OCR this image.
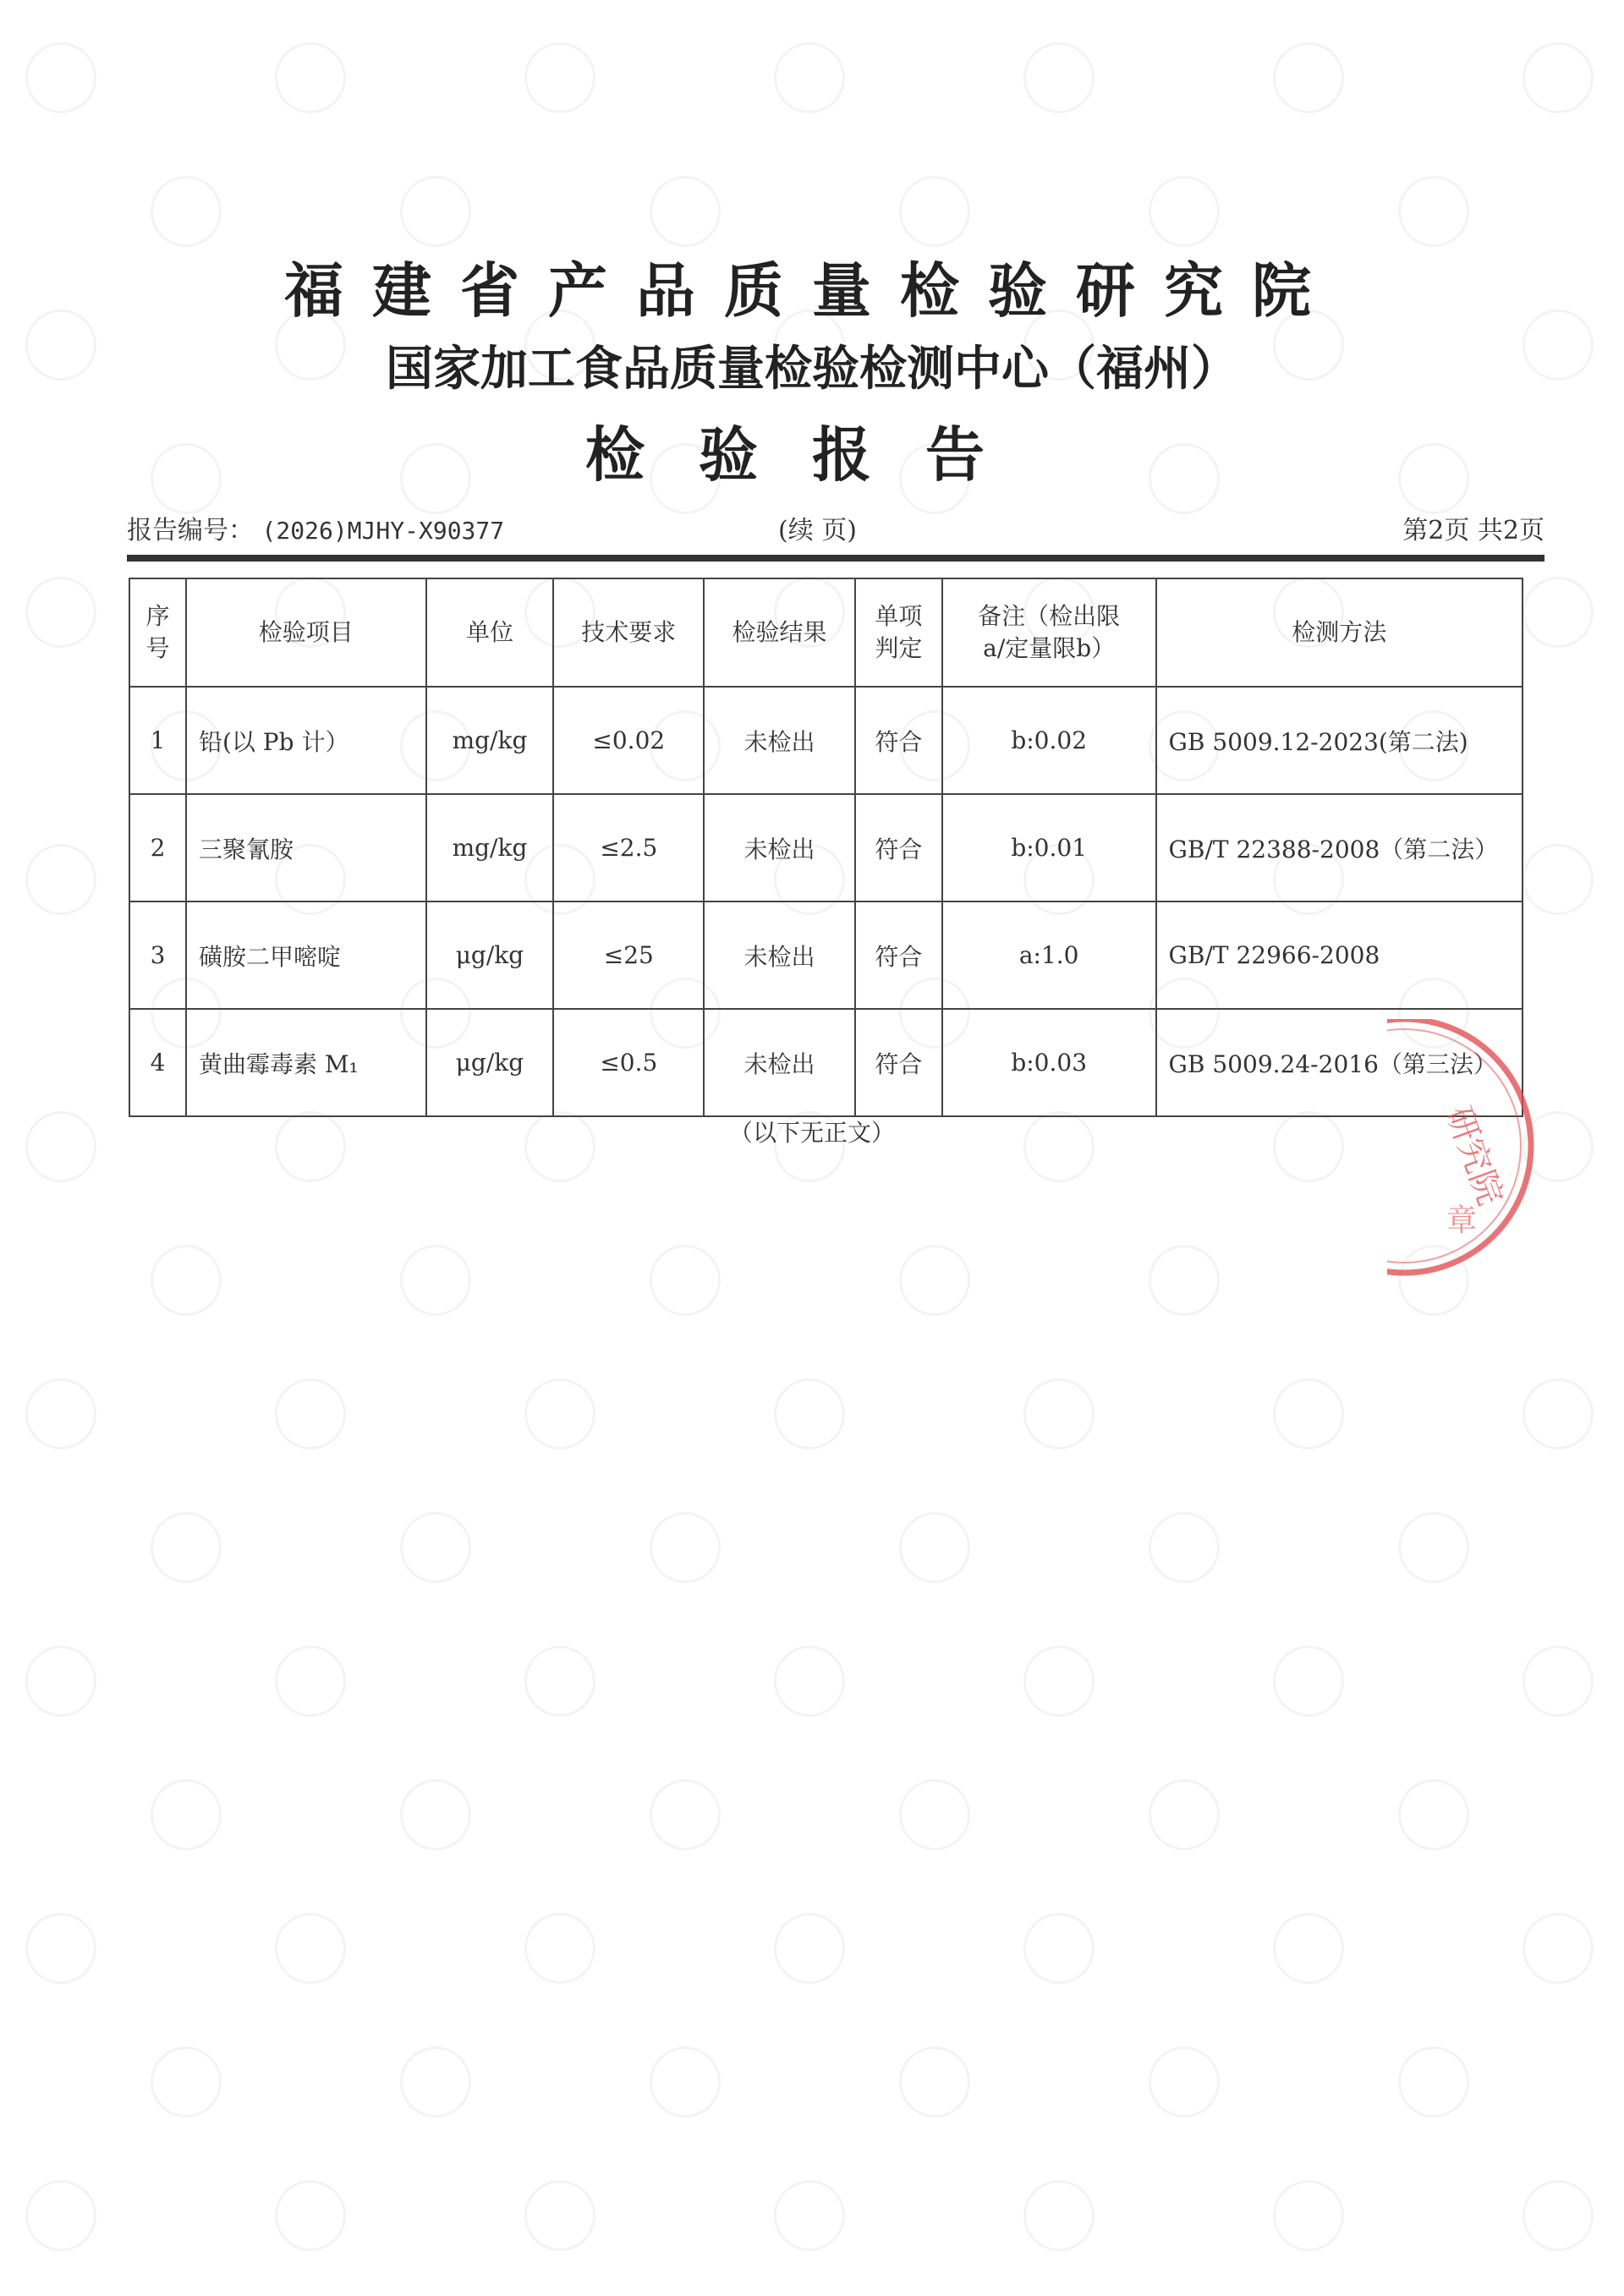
福建省产品质量检验研究院
国家加工食品质量检验检测中心（福州）
检验报告
报告编号： (2026)MJHY-X90377	(续 页)	第2页 共2页
序号	检验项目	单位	技术要求	检验结果	单项判定	备注（检出限a/定量限b）	检测方法
1	铅(以 Pb 计）	mg/kg	≤0.02	未检出	符合	b:0.02	GB 5009.12-2023(第二法)
2	三聚氰胺	mg/kg	≤2.5	未检出	符合	b:0.01	GB/T 22388-2008（第二法）
3	磺胺二甲嘧啶	μg/kg	≤25	未检出	符合	a:1.0	GB/T 22966-2008
4	黄曲霉毒素 M₁	μg/kg	≤0.5	未检出	符合	b:0.03	GB 5009.24-2016（第三法）
（以下无正文）	研究院
章
